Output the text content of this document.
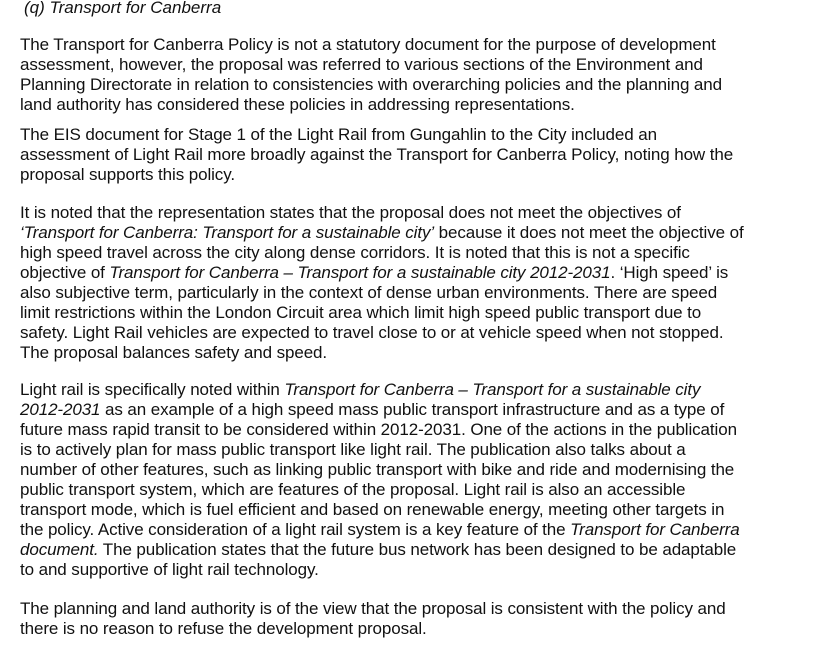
(q) Transport for Canberra
The Transport for Canberra Policy is not a statutory document for the purpose of development
assessment, however, the proposal was referred to various sections of the Environment and
Planning Directorate in relation to consistencies with overarching policies and the planning and
land authority has considered these policies in addressing representations.
The EIS document for Stage 1 of the Light Rail from Gungahlin to the City included an
assessment of Light Rail more broadly against the Transport for Canberra Policy, noting how the
proposal supports this policy.
It is noted that the representation states that the proposal does not meet the objectives of
‘Transport for Canberra: Transport for a sustainable city’ because it does not meet the objective of
high speed travel across the city along dense corridors. It is noted that this is not a specific
objective of Transport for Canberra – Transport for a sustainable city 2012-2031. ‘High speed’ is
also subjective term, particularly in the context of dense urban environments. There are speed
limit restrictions within the London Circuit area which limit high speed public transport due to
safety. Light Rail vehicles are expected to travel close to or at vehicle speed when not stopped.
The proposal balances safety and speed.
Light rail is specifically noted within Transport for Canberra – Transport for a sustainable city
2012-2031 as an example of a high speed mass public transport infrastructure and as a type of
future mass rapid transit to be considered within 2012-2031. One of the actions in the publication
is to actively plan for mass public transport like light rail. The publication also talks about a
number of other features, such as linking public transport with bike and ride and modernising the
public transport system, which are features of the proposal. Light rail is also an accessible
transport mode, which is fuel efficient and based on renewable energy, meeting other targets in
the policy. Active consideration of a light rail system is a key feature of the Transport for Canberra
document. The publication states that the future bus network has been designed to be adaptable
to and supportive of light rail technology.
The planning and land authority is of the view that the proposal is consistent with the policy and
there is no reason to refuse the development proposal.
